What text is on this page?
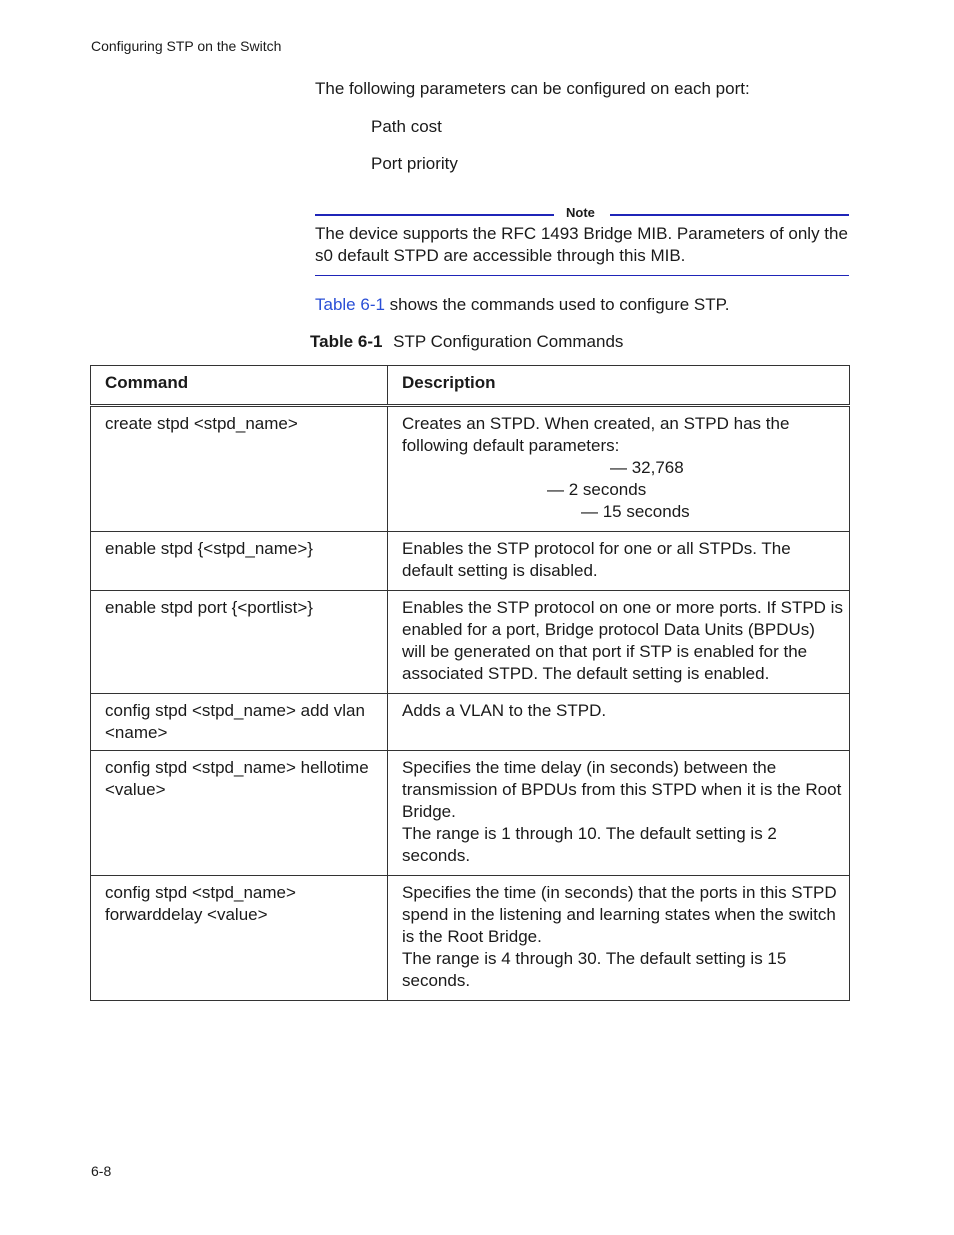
Configuring STP on the Switch
The following parameters can be configured on each port:
Path cost
Port priority
Note
The device supports the RFC 1493 Bridge MIB. Parameters of only the s0 default STPD are accessible through this MIB.
Table 6-1 shows the commands used to configure STP.
Table 6-1 STP Configuration Commands
Command	Description
create stpd <stpd_name>	Creates an STPD. When created, an STPD has the following default parameters:
— 32,768
— 2 seconds
— 15 seconds

enable stpd {<stpd_name>}	Enables the STP protocol for one or all STPDs. The default setting is disabled.

enable stpd port {<portlist>}	Enables the STP protocol on one or more ports. If STPD is enabled for a port, Bridge protocol Data Units (BPDUs) will be generated on that port if STP is enabled for the associated STPD. The default setting is enabled.

config stpd <stpd_name> add vlan <name>	Adds a VLAN to the STPD.

config stpd <stpd_name> hellotime <value>	Specifies the time delay (in seconds) between the transmission of BPDUs from this STPD when it is the Root Bridge.
The range is 1 through 10. The default setting is 2 seconds.

config stpd <stpd_name> forwarddelay <value>	Specifies the time (in seconds) that the ports in this STPD spend in the listening and learning states when the switch is the Root Bridge.
The range is 4 through 30. The default setting is 15 seconds.
6-8
